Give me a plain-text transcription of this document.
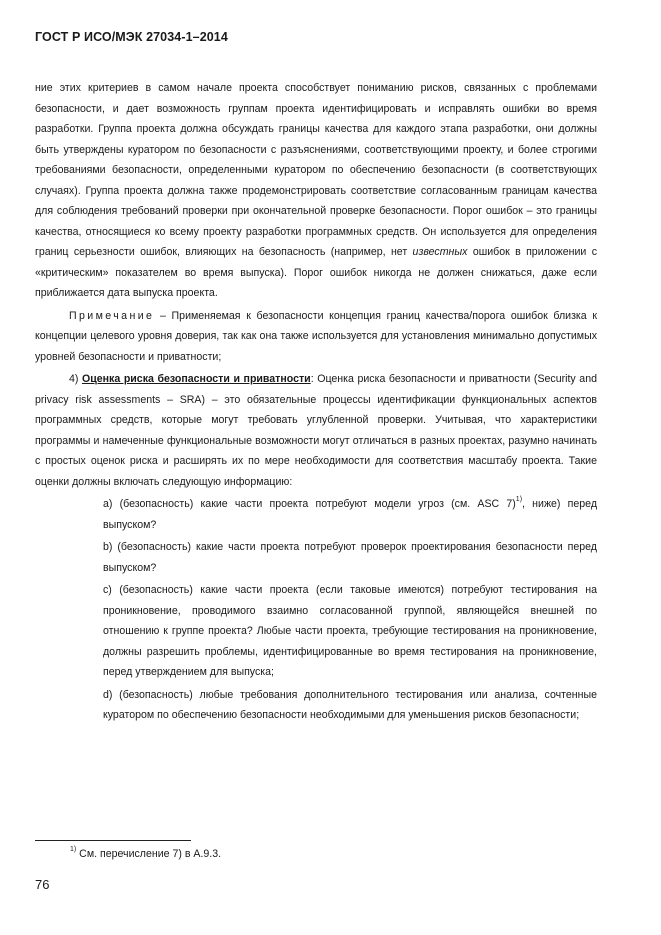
ГОСТ Р ИСО/МЭК 27034-1–2014

ние этих критериев в самом начале проекта способствует пониманию рисков, связанных с проблемами безопасности, и дает возможность группам проекта идентифицировать и исправлять ошибки во время разработки. Группа проекта должна обсуждать границы качества для каждого этапа разработки, они должны быть утверждены куратором по безопасности с разъяснениями, соответствующими проекту, и более строгими требованиями безопасности, определенными куратором по обеспечению безопасности (в соответствующих случаях). Группа проекта должна также продемонстрировать соответствие согласованным границам качества для соблюдения требований проверки при окончательной проверке безопасности. Порог ошибок – это границы качества, относящиеся ко всему проекту разработки программных средств. Он используется для определения границ серьезности ошибок, влияющих на безопасность (например, нет известных ошибок в приложении с «критическим» показателем во время выпуска). Порог ошибок никогда не должен снижаться, даже если приближается дата выпуска проекта.

Примечание – Применяемая к безопасности концепция границ качества/порога ошибок близка к концепции целевого уровня доверия, так как она также используется для установления минимально допустимых уровней безопасности и приватности;

4) Оценка риска безопасности и приватности: Оценка риска безопасности и приватности (Security and privacy risk assessments – SRA) – это обязательные процессы идентификации функциональных аспектов программных средств, которые могут требовать углубленной проверки. Учитывая, что характеристики программы и намеченные функциональные возможности могут отличаться в разных проектах, разумно начинать с простых оценок риска и расширять их по мере необходимости для соответствия масштабу проекта. Такие оценки должны включать следующую информацию:

a) (безопасность) какие части проекта потребуют модели угроз (см. ASC 7)$^{1)}$, ниже) перед выпуском?

b) (безопасность) какие части проекта потребуют проверок проектирования безопасности перед выпуском?

c) (безопасность) какие части проекта (если таковые имеются) потребуют тестирования на проникновение, проводимого взаимно согласованной группой, являющейся внешней по отношению к группе проекта? Любые части проекта, требующие тестирования на проникновение, должны разрешить проблемы, идентифицированные во время тестирования на проникновение, перед утверждением для выпуска;

d) (безопасность) любые требования дополнительного тестирования или анализа, сочтенные куратором по обеспечению безопасности необходимыми для уменьшения рисков безопасности;

$^{1)}$ См. перечисление 7) в А.9.3.
76
